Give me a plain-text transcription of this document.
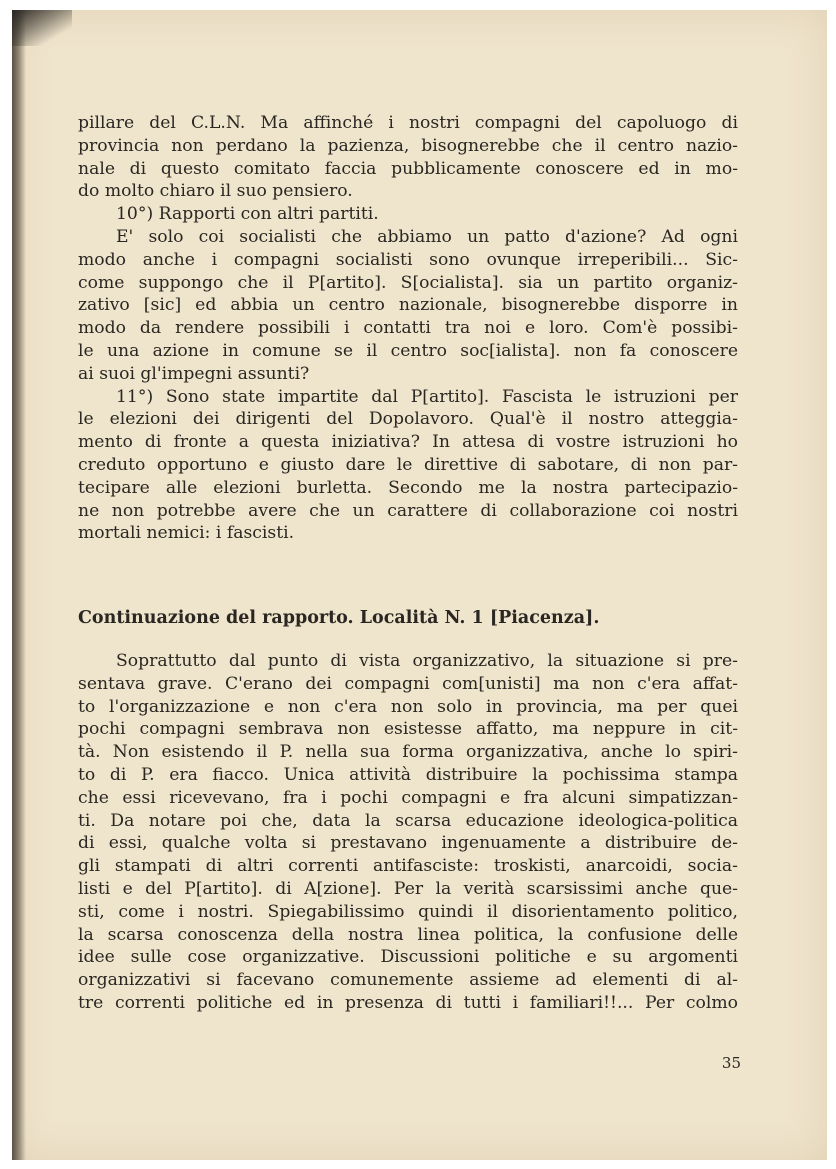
pillare del C.L.N. Ma affinché i nostri compagni del capoluogo di
provincia non perdano la pazienza, bisognerebbe che il centro nazio-
nale di questo comitato faccia pubblicamente conoscere ed in mo-
do molto chiaro il suo pensiero.
10°) Rapporti con altri partiti.
E' solo coi socialisti che abbiamo un patto d'azione? Ad ogni
modo anche i compagni socialisti sono ovunque irreperibili... Sic-
come suppongo che il P[artito]. S[ocialista]. sia un partito organiz-
zativo [sic] ed abbia un centro nazionale, bisognerebbe disporre in
modo da rendere possibili i contatti tra noi e loro. Com'è possibi-
le una azione in comune se il centro soc[ialista]. non fa conoscere
ai suoi gl'impegni assunti?
11°) Sono state impartite dal P[artito]. Fascista le istruzioni per
le elezioni dei dirigenti del Dopolavoro. Qual'è il nostro atteggia-
mento di fronte a questa iniziativa? In attesa di vostre istruzioni ho
creduto opportuno e giusto dare le direttive di sabotare, di non par-
tecipare alle elezioni burletta. Secondo me la nostra partecipazio-
ne non potrebbe avere che un carattere di collaborazione coi nostri
mortali nemici: i fascisti.
Continuazione del rapporto. Località N. 1 [Piacenza].
Soprattutto dal punto di vista organizzativo, la situazione si pre-
sentava grave. C'erano dei compagni com[unisti] ma non c'era affat-
to l'organizzazione e non c'era non solo in provincia, ma per quei
pochi compagni sembrava non esistesse affatto, ma neppure in cit-
tà. Non esistendo il P. nella sua forma organizzativa, anche lo spiri-
to di P. era fiacco. Unica attività distribuire la pochissima stampa
che essi ricevevano, fra i pochi compagni e fra alcuni simpatizzan-
ti. Da notare poi che, data la scarsa educazione ideologica-politica
di essi, qualche volta si prestavano ingenuamente a distribuire de-
gli stampati di altri correnti antifasciste: troskisti, anarcoidi, socia-
listi e del P[artito]. di A[zione]. Per la verità scarsissimi anche que-
sti, come i nostri. Spiegabilissimo quindi il disorientamento politico,
la scarsa conoscenza della nostra linea politica, la confusione delle
idee sulle cose organizzative. Discussioni politiche e su argomenti
organizzativi si facevano comunemente assieme ad elementi di al-
tre correnti politiche ed in presenza di tutti i familiari!!... Per colmo
35
